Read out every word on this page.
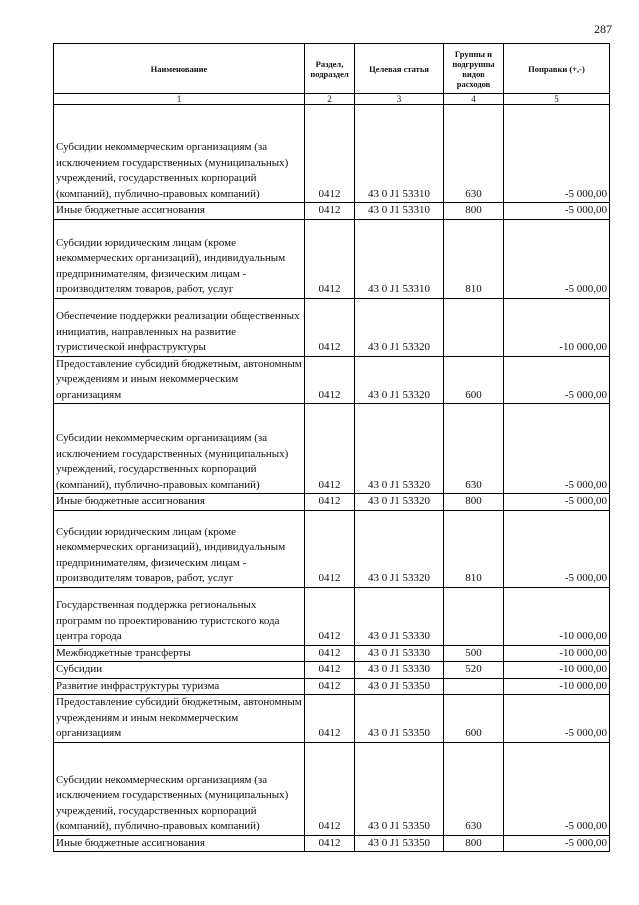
287
Наименование	Раздел, подраздел	Целевая статья	Группы и подгруппы видов расходов	Поправки (+,-)
1	2	3	4	5
Субсидии некоммерческим организациям (за исключением государственных (муниципальных) учреждений, государственных корпораций (компаний), публично-правовых компаний)	0412	43 0 J1 53310	630	-5 000,00
Иные бюджетные ассигнования	0412	43 0 J1 53310	800	-5 000,00
Субсидии юридическим лицам (кроме некоммерческих организаций), индивидуальным предпринимателям, физическим лицам - производителям товаров, работ, услуг	0412	43 0 J1 53310	810	-5 000,00
Обеспечение поддержки реализации общественных инициатив, направленных на развитие туристической инфраструктуры	0412	43 0 J1 53320		-10 000,00
Предоставление субсидий бюджетным, автономным учреждениям и иным некоммерческим организациям	0412	43 0 J1 53320	600	-5 000,00
Субсидии некоммерческим организациям (за исключением государственных (муниципальных) учреждений, государственных корпораций (компаний), публично-правовых компаний)	0412	43 0 J1 53320	630	-5 000,00
Иные бюджетные ассигнования	0412	43 0 J1 53320	800	-5 000,00
Субсидии юридическим лицам (кроме некоммерческих организаций), индивидуальным предпринимателям, физическим лицам - производителям товаров, работ, услуг	0412	43 0 J1 53320	810	-5 000,00
Государственная поддержка региональных программ по проектированию туристского кода центра города	0412	43 0 J1 53330		-10 000,00
Межбюджетные трансферты	0412	43 0 J1 53330	500	-10 000,00
Субсидии	0412	43 0 J1 53330	520	-10 000,00
Развитие инфраструктуры туризма	0412	43 0 J1 53350		-10 000,00
Предоставление субсидий бюджетным, автономным учреждениям и иным некоммерческим организациям	0412	43 0 J1 53350	600	-5 000,00
Субсидии некоммерческим организациям (за исключением государственных (муниципальных) учреждений, государственных корпораций (компаний), публично-правовых компаний)	0412	43 0 J1 53350	630	-5 000,00
Иные бюджетные ассигнования	0412	43 0 J1 53350	800	-5 000,00
